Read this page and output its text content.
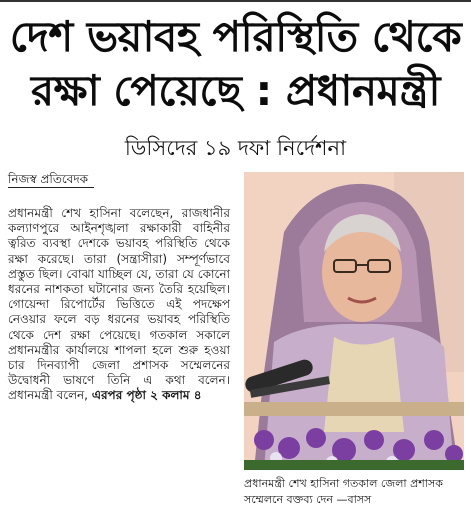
দেশ ভয়াবহ পরিস্থিতি থেকে
রক্ষা পেয়েছে : প্রধানমন্ত্রী
ডিসিদের ১৯ দফা নির্দেশনা
নিজস্ব প্রতিবেদক
প্রধানমন্ত্রী শেখ হাসিনা বলেছেন, রাজধানীর কল্যাণপুরে আইনশৃঙ্খলা রক্ষাকারী বাহিনীর ত্বরিত ব্যবস্থা দেশকে ভয়াবহ পরিস্থিতি থেকে রক্ষা করেছে। তারা (সন্ত্রাসীরা) সম্পূর্ণভাবে প্রস্তুত ছিল। বোঝা যাচ্ছিল যে, তারা যে কোনো ধরনের নাশকতা ঘটানোর জন্য তৈরি হয়েছিল। গোয়েন্দা রিপোর্টের ভিত্তিতে এই পদক্ষেপ নেওয়ার ফলে বড় ধরনের ভয়াবহ পরিস্থিতি থেকে দেশ রক্ষা পেয়েছে। গতকাল সকালে প্রধানমন্ত্রীর কার্যালয়ে শাপলা হলে শুরু হওয়া চার দিনব্যাপী জেলা প্রশাসক সম্মেলনের উদ্বোধনী ভাষণে তিনি এ কথা বলেন। প্রধানমন্ত্রী বলেন, এরপর পৃষ্ঠা ২ কলাম ৪
প্রধানমন্ত্রী শেখ হাসিনা গতকাল জেলা প্রশাসক সম্মেলনে বক্তব্য দেন —বাসস
